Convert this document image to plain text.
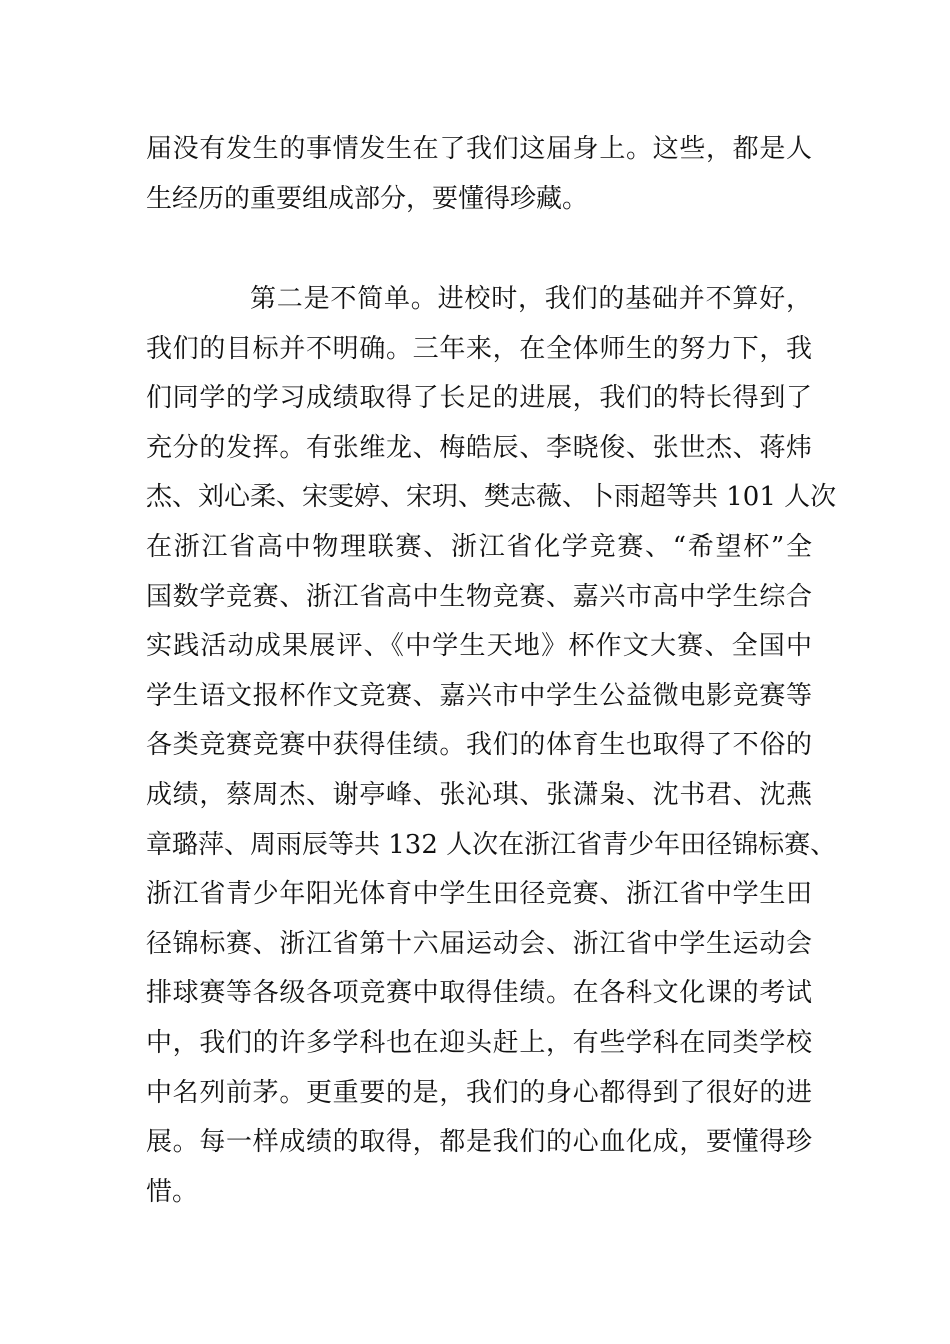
届没有发生的事情发生在了我们这届身上。这些，都是人
生经历的重要组成部分，要懂得珍藏。
第二是不简单。进校时，我们的基础并不算好，
我们的目标并不明确。三年来，在全体师生的努力下，我
们同学的学习成绩取得了长足的进展，我们的特长得到了
充分的发挥。有张维龙、梅皓辰、李晓俊、张世杰、蒋炜
杰、刘心柔、宋雯婷、宋玥、樊志薇、卜雨超等共 101 人次
在浙江省高中物理联赛、浙江省化学竞赛、“希望杯”全
国数学竞赛、浙江省高中生物竞赛、嘉兴市高中学生综合
实践活动成果展评、《中学生天地》杯作文大赛、全国中
学生语文报杯作文竞赛、嘉兴市中学生公益微电影竞赛等
各类竞赛竞赛中获得佳绩。我们的体育生也取得了不俗的
成绩，蔡周杰、谢亭峰、张沁琪、张潇枭、沈书君、沈燕
章璐萍、周雨辰等共 132 人次在浙江省青少年田径锦标赛、
浙江省青少年阳光体育中学生田径竞赛、浙江省中学生田
径锦标赛、浙江省第十六届运动会、浙江省中学生运动会
排球赛等各级各项竞赛中取得佳绩。在各科文化课的考试
中，我们的许多学科也在迎头赶上，有些学科在同类学校
中名列前茅。更重要的是，我们的身心都得到了很好的进
展。每一样成绩的取得，都是我们的心血化成，要懂得珍
惜。
